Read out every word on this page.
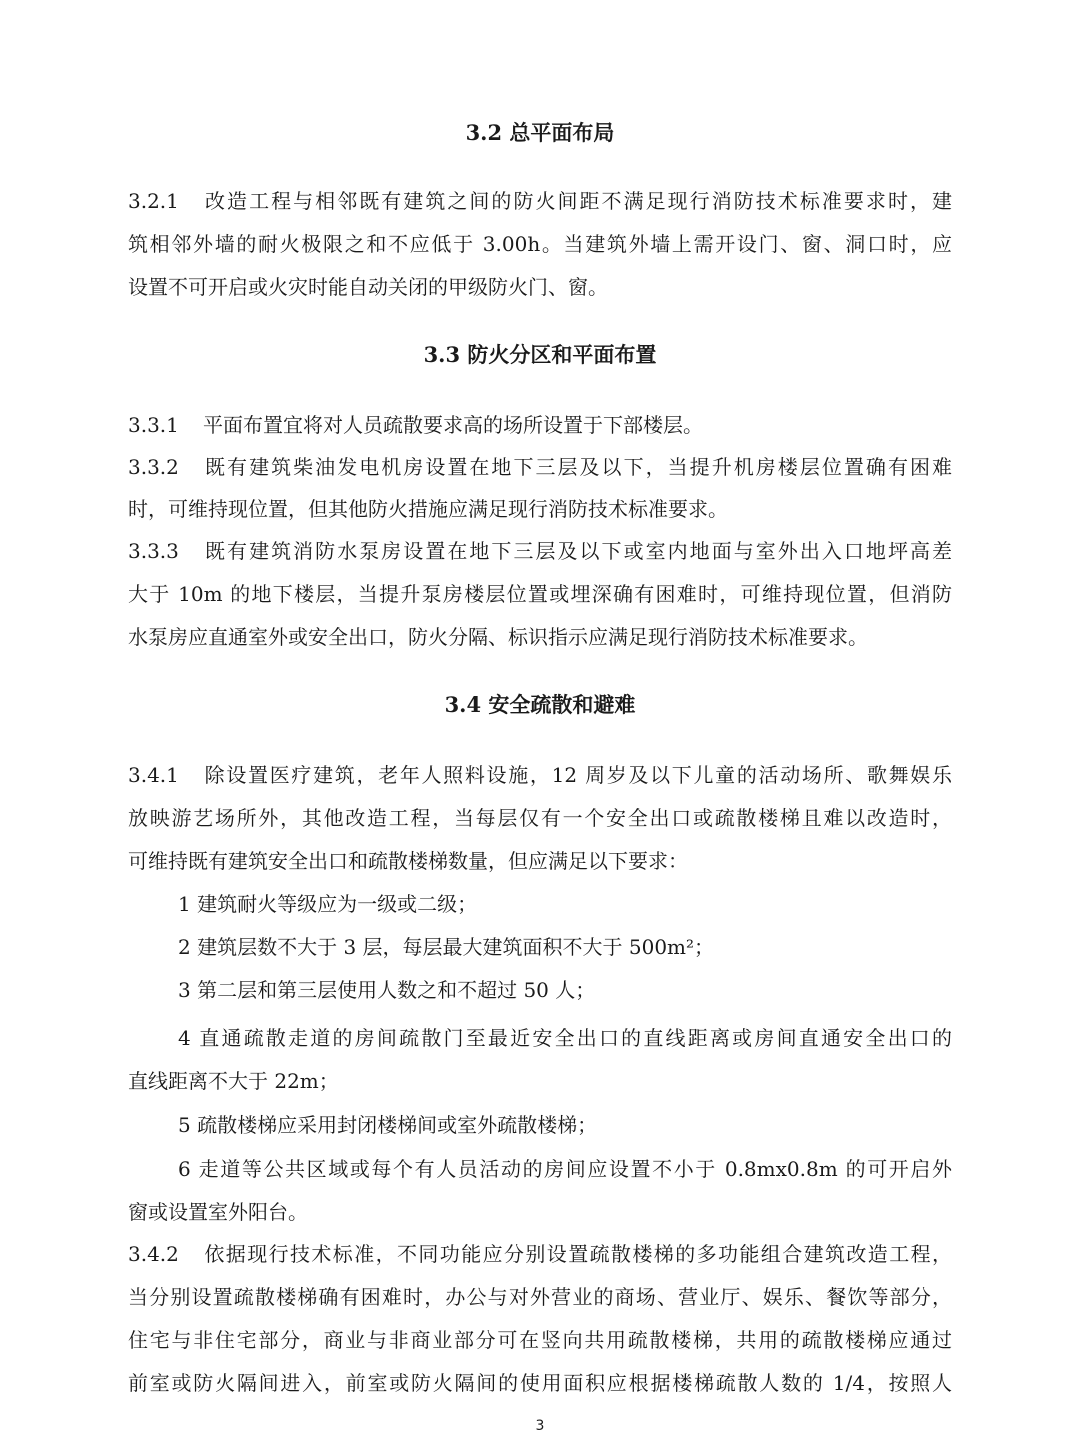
3.2 总平面布局
3.2.1 改造工程与相邻既有建筑之间的防火间距不满足现行消防技术标准要求时，建
筑相邻外墙的耐火极限之和不应低于 3.00h。当建筑外墙上需开设门、窗、洞口时，应
设置不可开启或火灾时能自动关闭的甲级防火门、窗。
3.3 防火分区和平面布置
3.3.1 平面布置宜将对人员疏散要求高的场所设置于下部楼层。
3.3.2 既有建筑柴油发电机房设置在地下三层及以下，当提升机房楼层位置确有困难
时，可维持现位置，但其他防火措施应满足现行消防技术标准要求。
3.3.3 既有建筑消防水泵房设置在地下三层及以下或室内地面与室外出入口地坪高差
大于 10m 的地下楼层，当提升泵房楼层位置或埋深确有困难时，可维持现位置，但消防
水泵房应直通室外或安全出口，防火分隔、标识指示应满足现行消防技术标准要求。
3.4 安全疏散和避难
3.4.1 除设置医疗建筑，老年人照料设施，12 周岁及以下儿童的活动场所、歌舞娱乐
放映游艺场所外，其他改造工程，当每层仅有一个安全出口或疏散楼梯且难以改造时，
可维持既有建筑安全出口和疏散楼梯数量，但应满足以下要求：
1 建筑耐火等级应为一级或二级；
2 建筑层数不大于 3 层，每层最大建筑面积不大于 500m²；
3 第二层和第三层使用人数之和不超过 50 人；
4 直通疏散走道的房间疏散门至最近安全出口的直线距离或房间直通安全出口的
直线距离不大于 22m；
5 疏散楼梯应采用封闭楼梯间或室外疏散楼梯；
6 走道等公共区域或每个有人员活动的房间应设置不小于 0.8mx0.8m 的可开启外
窗或设置室外阳台。
3.4.2 依据现行技术标准，不同功能应分别设置疏散楼梯的多功能组合建筑改造工程，
当分别设置疏散楼梯确有困难时，办公与对外营业的商场、营业厅、娱乐、餐饮等部分，
住宅与非住宅部分，商业与非商业部分可在竖向共用疏散楼梯，共用的疏散楼梯应通过
前室或防火隔间进入，前室或防火隔间的使用面积应根据楼梯疏散人数的 1/4，按照人
3
